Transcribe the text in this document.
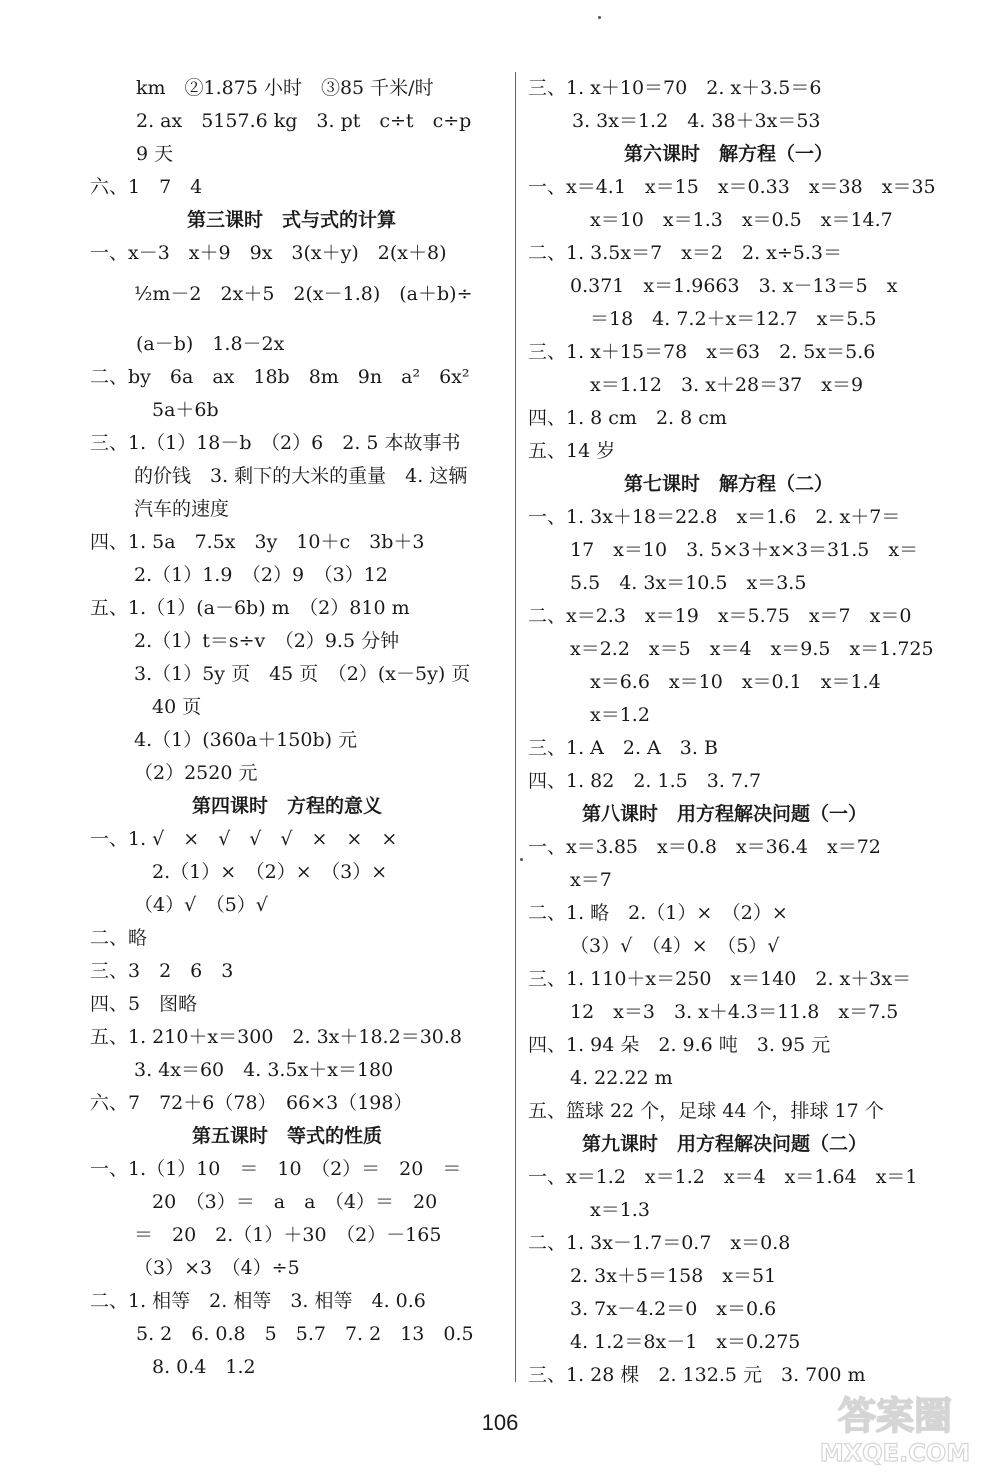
km　②1.875 小时　③85 千米/时
2. ax　5157.6 kg　3. pt　c÷t　c÷p
9 天
六、1　7　4
第三课时　式与式的计算
一、x－3　x＋9　9x　3(x＋y)　2(x＋8)
½m－2　2x＋5　2(x－1.8)　(a＋b)÷
(a－b)　1.8－2x
二、by　6a　ax　18b　8m　9n　a²　6x²
5a＋6b
三、1.（1）18－b　（2）6　2. 5 本故事书
的价钱　3. 剩下的大米的重量　4. 这辆
汽车的速度
四、1. 5a　7.5x　3y　10＋c　3b＋3
2.（1）1.9　（2）9　（3）12
五、1.（1）(a－6b) m　（2）810 m
2.（1）t＝s÷v　（2）9.5 分钟
3.（1）5y 页　45 页　（2）(x－5y) 页
40 页
4.（1）(360a＋150b) 元
（2）2520 元
第四课时　方程的意义
一、1. √　×　√　√　√　×　×　×
2.（1）×　（2）×　（3）×
（4）√　（5）√
二、略
三、3　2　6　3
四、5　图略
五、1. 210＋x＝300　2. 3x＋18.2＝30.8
3. 4x＝60　4. 3.5x＋x＝180
六、7　72＋6（78）　66×3（198）
第五课时　等式的性质
一、1.（1）10　＝　10　（2）＝　20　＝
20　（3）＝　a　a　（4）＝　20
＝　20　2.（1）＋30　（2）－165
（3）×3　（4）÷5
二、1. 相等　2. 相等　3. 相等　4. 0.6
5. 2　6. 0.8　5　5.7　7. 2　13　0.5
8. 0.4　1.2
三、1. x＋10＝70　2. x＋3.5＝6
3. 3x＝1.2　4. 38＋3x＝53
第六课时　解方程（一）
一、x＝4.1　x＝15　x＝0.33　x＝38　x＝35
x＝10　x＝1.3　x＝0.5　x＝14.7
二、1. 3.5x＝7　x＝2　2. x÷5.3＝
0.371　x＝1.9663　3. x－13＝5　x
＝18　4. 7.2＋x＝12.7　x＝5.5
三、1. x＋15＝78　x＝63　2. 5x＝5.6
x＝1.12　3. x＋28＝37　x＝9
四、1. 8 cm　2. 8 cm
五、14 岁
第七课时　解方程（二）
一、1. 3x＋18＝22.8　x＝1.6　2. x＋7＝
17　x＝10　3. 5×3＋x×3＝31.5　x＝
5.5　4. 3x＝10.5　x＝3.5
二、x＝2.3　x＝19　x＝5.75　x＝7　x＝0
x＝2.2　x＝5　x＝4　x＝9.5　x＝1.725
x＝6.6　x＝10　x＝0.1　x＝1.4
x＝1.2
三、1. A　2. A　3. B
四、1. 82　2. 1.5　3. 7.7
第八课时　用方程解决问题（一）
一、x＝3.85　x＝0.8　x＝36.4　x＝72
x＝7
二、1. 略　2.（1）×　（2）×
（3）√　（4）×　（5）√
三、1. 110＋x＝250　x＝140　2. x＋3x＝
12　x＝3　3. x＋4.3＝11.8　x＝7.5
四、1. 94 朵　2. 9.6 吨　3. 95 元
4. 22.22 m
五、篮球 22 个，足球 44 个，排球 17 个
第九课时　用方程解决问题（二）
一、x＝1.2　x＝1.2　x＝4　x＝1.64　x＝1
x＝1.3
二、1. 3x－1.7＝0.7　x＝0.8
2. 3x＋5＝158　x＝51
3. 7x－4.2＝0　x＝0.6
4. 1.2＝8x－1　x＝0.275
三、1. 28 棵　2. 132.5 元　3. 700 m
106	答案圈
MXQE.COM
